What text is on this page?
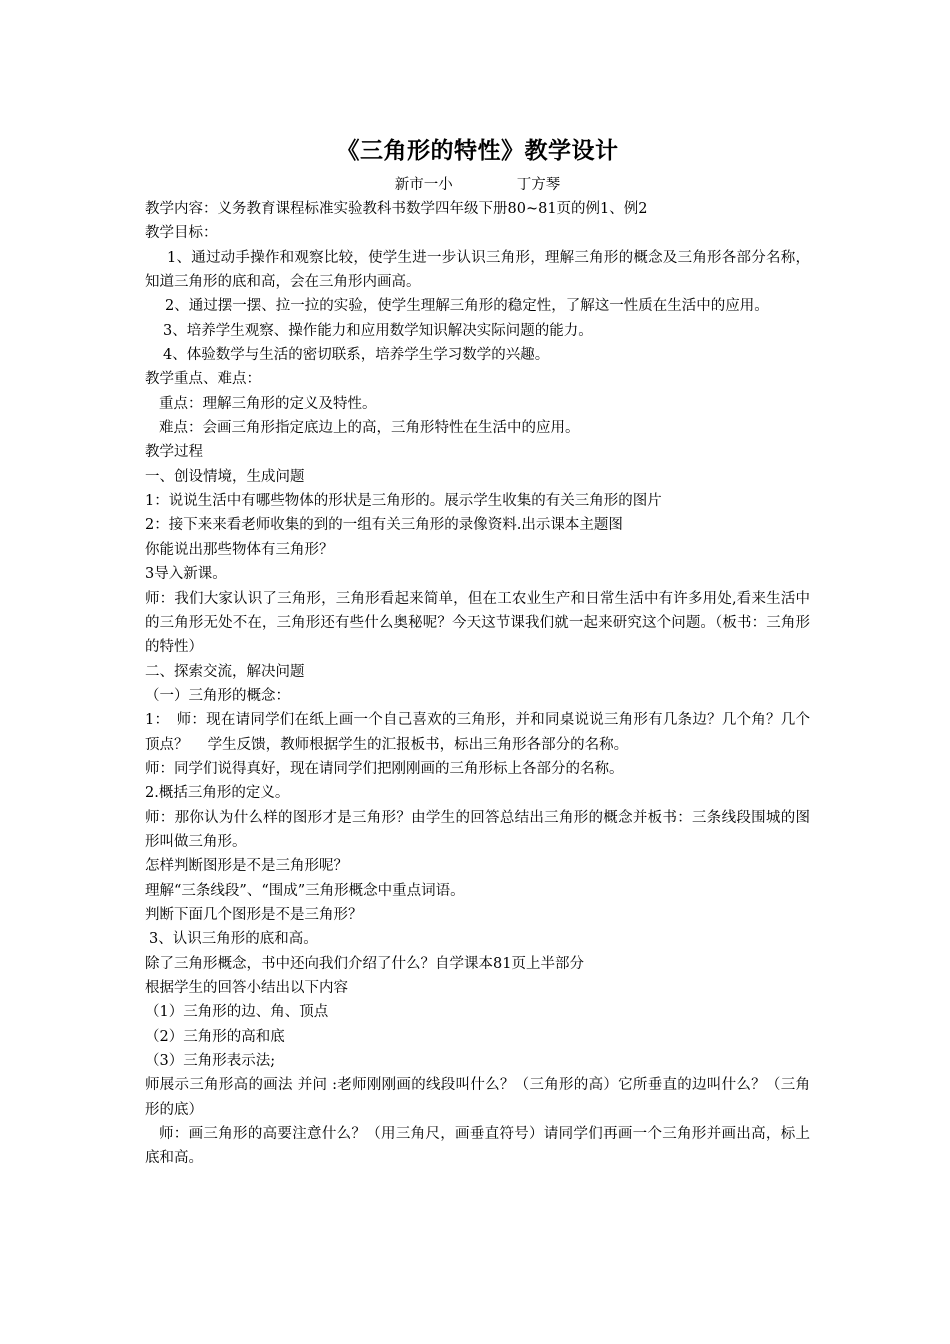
《三角形的特性》教学设计
新市一小	丁方琴
教学内容：义务教育课程标准实验教科书数学四年级下册80~81页的例1、例2
教学目标：
1、通过动手操作和观察比较，使学生进一步认识三角形，理解三角形的概念及三角形各部分名称，知道三角形的底和高，会在三角形内画高。
2、通过摆一摆、拉一拉的实验，使学生理解三角形的稳定性，了解这一性质在生活中的应用。
3、培养学生观察、操作能力和应用数学知识解决实际问题的能力。
4、体验数学与生活的密切联系，培养学生学习数学的兴趣。
教学重点、难点：
重点：理解三角形的定义及特性。
难点：会画三角形指定底边上的高，三角形特性在生活中的应用。
教学过程
一、创设情境，生成问题
1：说说生活中有哪些物体的形状是三角形的。展示学生收集的有关三角形的图片
2：接下来来看老师收集的到的一组有关三角形的录像资料.出示课本主题图
你能说出那些物体有三角形？
3导入新课。
师：我们大家认识了三角形，三角形看起来简单，但在工农业生产和日常生活中有许多用处,看来生活中的三角形无处不在，三角形还有些什么奥秘呢？今天这节课我们就一起来研究这个问题。（板书：三角形的特性）
二、探索交流，解决问题
（一）三角形的概念：
1：　师：现在请同学们在纸上画一个自己喜欢的三角形，并和同桌说说三角形有几条边？几个角？几个顶点？　 学生反馈，教师根据学生的汇报板书，标出三角形各部分的名称。
师：同学们说得真好，现在请同学们把刚刚画的三角形标上各部分的名称。
2.概括三角形的定义。
师：那你认为什么样的图形才是三角形？由学生的回答总结出三角形的概念并板书：三条线段围城的图形叫做三角形。
怎样判断图形是不是三角形呢？
理解“三条线段”、“围成”三角形概念中重点词语。
判断下面几个图形是不是三角形？
3、认识三角形的底和高。
除了三角形概念，书中还向我们介绍了什么？自学课本81页上半部分
根据学生的回答小结出以下内容
（1）三角形的边、角、顶点
（2）三角形的高和底
（3）三角形表示法;
师展示三角形高的画法 并问 :老师刚刚画的线段叫什么？（三角形的高）它所垂直的边叫什么？（三角形的底）
师：画三角形的高要注意什么？（用三角尺，画垂直符号）请同学们再画一个三角形并画出高，标上底和高。
